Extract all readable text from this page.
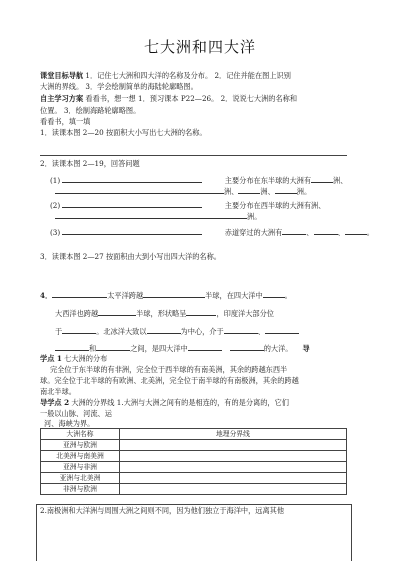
七大洲和四大洋
课堂目标导航 1．记住七大洲和四大洋的名称及分布。 2．记住并能在图上识别
大洲的界线。 3．学会绘制简单的海陆轮廓略图。
自主学习方案 看看书，想一想 1．预习课本 P22—26。 2．说说七大洲的名称和
位置。 3．绘制海路轮廓略图。
看看书，填一填
1．读课本图 2—20 按面积大小写出七大洲的名称。
2．读课本图 2—19，回答问题
(1)	主要分布在东半球的大洲有	洲、
洲、	洲、	洲。
(2)	主要分布在西半球的大洲有洲、
洲。
(3)	赤道穿过的大洲有	、	、	。
3．读课本图 2—27 按面积由大到小写出四大洋的名称。
4．	太平洋跨越	半球，在四大洋中	。
大西洋也跨越	半球，形状略呈	，印度洋大部分位
于	。北冰洋大致以	为中心，介于	、
和	之间，是四大洋中	的大洋。 导
学点 1 七大洲的分布
完全位于东半球的有非洲，完全位于西半球的有南美洲，其余的跨越东西半
球。完全位于北半球的有欧洲、北美洲，完全位于南半球的有南极洲，其余的跨越
南北半球。
导学点 2 大洲的分界线 1.大洲与大洲之间有的是相连的，有的是分离的，它们
一般以山脉、河流、运
河、海峡为界。
大洲名称	地理分界线
亚洲与欧洲	
北美洲与南美洲	
亚洲与非洲	
亚洲与北美洲	
非洲与欧洲	
2.南极洲和大洋洲与周围大洲之间则不同，因为他们独立于海洋中，远离其他
